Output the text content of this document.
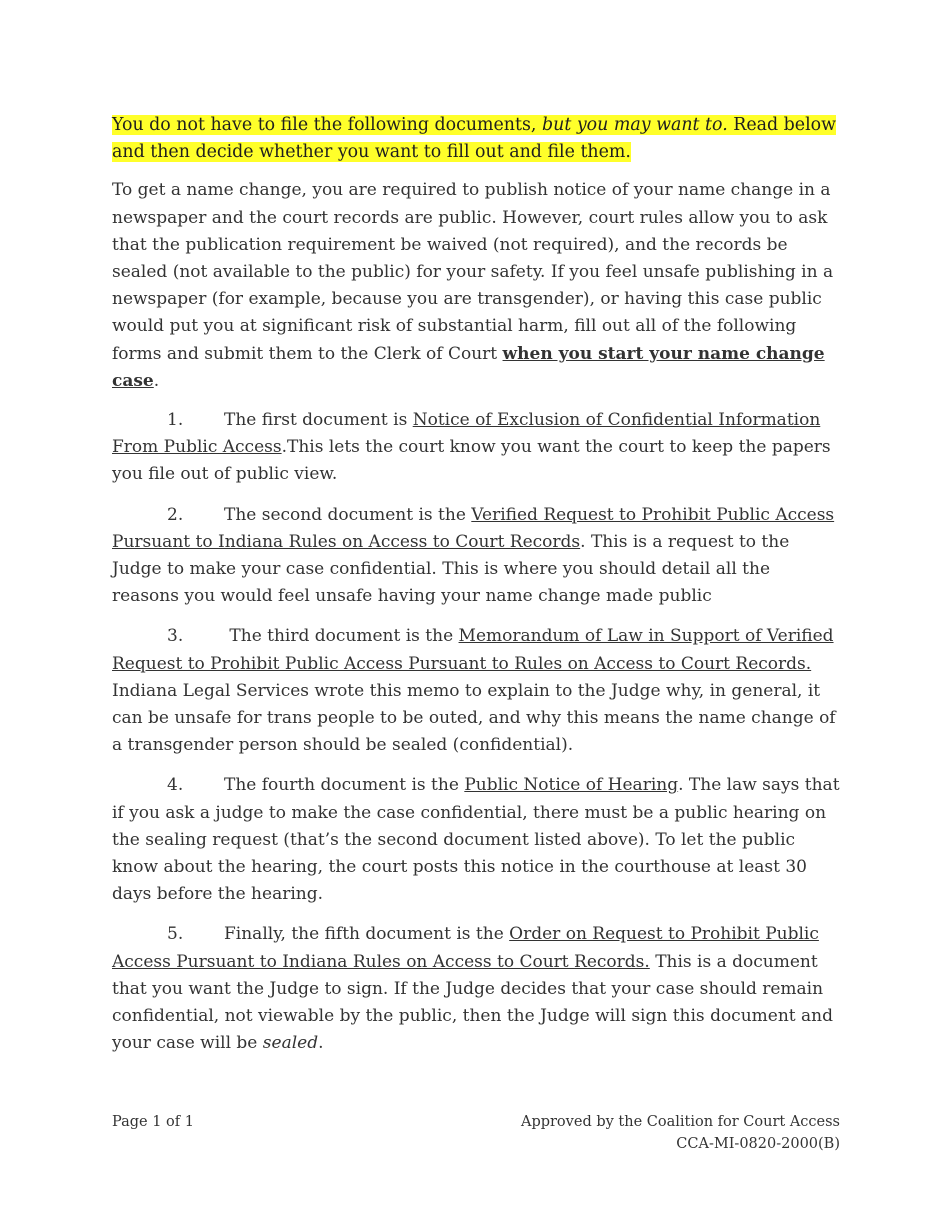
You do not have to file the following documents, but you may want to. Read below and then decide whether you want to fill out and file them.

To get a name change, you are required to publish notice of your name change in a newspaper and the court records are public. However, court rules allow you to ask that the publication requirement be waived (not required), and the records be sealed (not available to the public) for your safety. If you feel unsafe publishing in a newspaper (for example, because you are transgender), or having this case public would put you at significant risk of substantial harm, fill out all of the following forms and submit them to the Clerk of Court when you start your name change case.

1. The first document is Notice of Exclusion of Confidential Information From Public Access.This lets the court know you want the court to keep the papers you file out of public view.

2. The second document is the Verified Request to Prohibit Public Access Pursuant to Indiana Rules on Access to Court Records. This is a request to the Judge to make your case confidential. This is where you should detail all the reasons you would feel unsafe having your name change made public

3. The third document is the Memorandum of Law in Support of Verified Request to Prohibit Public Access Pursuant to Rules on Access to Court Records. Indiana Legal Services wrote this memo to explain to the Judge why, in general, it can be unsafe for trans people to be outed, and why this means the name change of a transgender person should be sealed (confidential).

4. The fourth document is the Public Notice of Hearing. The law says that if you ask a judge to make the case confidential, there must be a public hearing on the sealing request (that’s the second document listed above). To let the public know about the hearing, the court posts this notice in the courthouse at least 30 days before the hearing.

5. Finally, the fifth document is the Order on Request to Prohibit Public Access Pursuant to Indiana Rules on Access to Court Records. This is a document that you want the Judge to sign. If the Judge decides that your case should remain confidential, not viewable by the public, then the Judge will sign this document and your case will be sealed.

Page 1 of 1	Approved by the Coalition for Court Access
CCA-MI-0820-2000(B)
